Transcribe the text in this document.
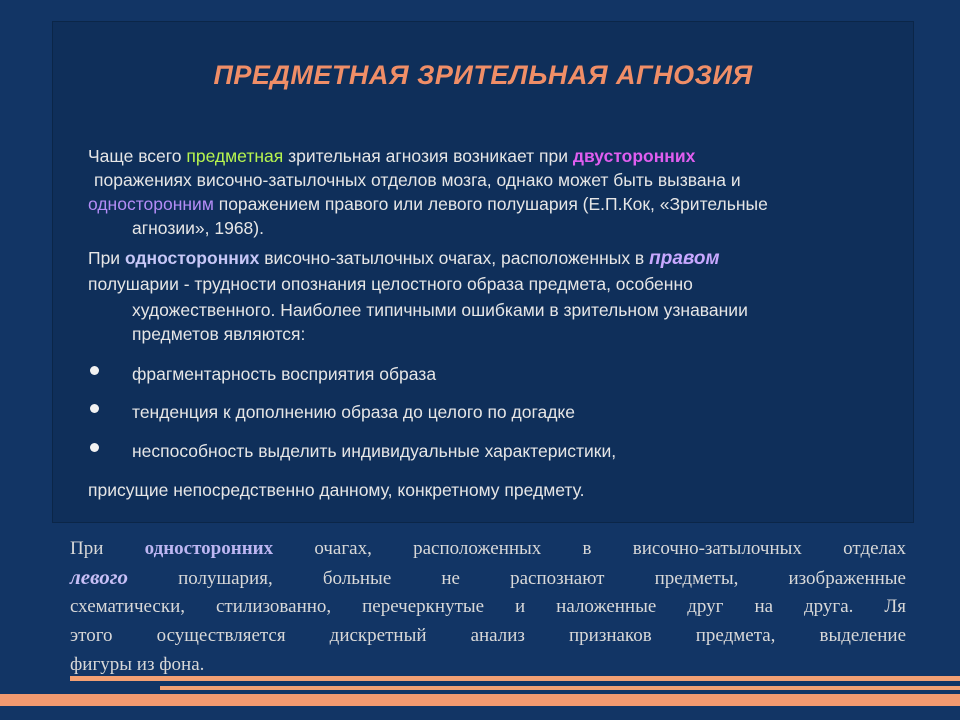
ПРЕДМЕТНАЯ ЗРИТЕЛЬНАЯ АГНОЗИЯ
Чаще всего предметная зрительная агнозия возникает при двусторонних
поражениях височно-затылочных отделов мозга, однако может быть вызвана и
односторонним поражением правого или левого полушария (Е.П.Кок, «Зрительные
агнозии», 1968).
При односторонних височно-затылочных очагах, расположенных в правом
полушарии - трудности опознания целостного образа предмета, особенно
художественного. Наиболее типичными ошибками в зрительном узнавании
предметов являются:
фрагментарность восприятия образа
тенденция к дополнению образа до целого по догадке
неспособность выделить индивидуальные характеристики,
присущие непосредственно данному, конкретному предмету.
При односторонних очагах, расположенных в височно-затылочных отделах
левого полушария, больные не распознают предметы, изображенные
схематически, стилизованно, перечеркнутые и наложенные друг на друга. Ля
этого осуществляется дискретный анализ признаков предмета, выделение
фигуры из фона.
